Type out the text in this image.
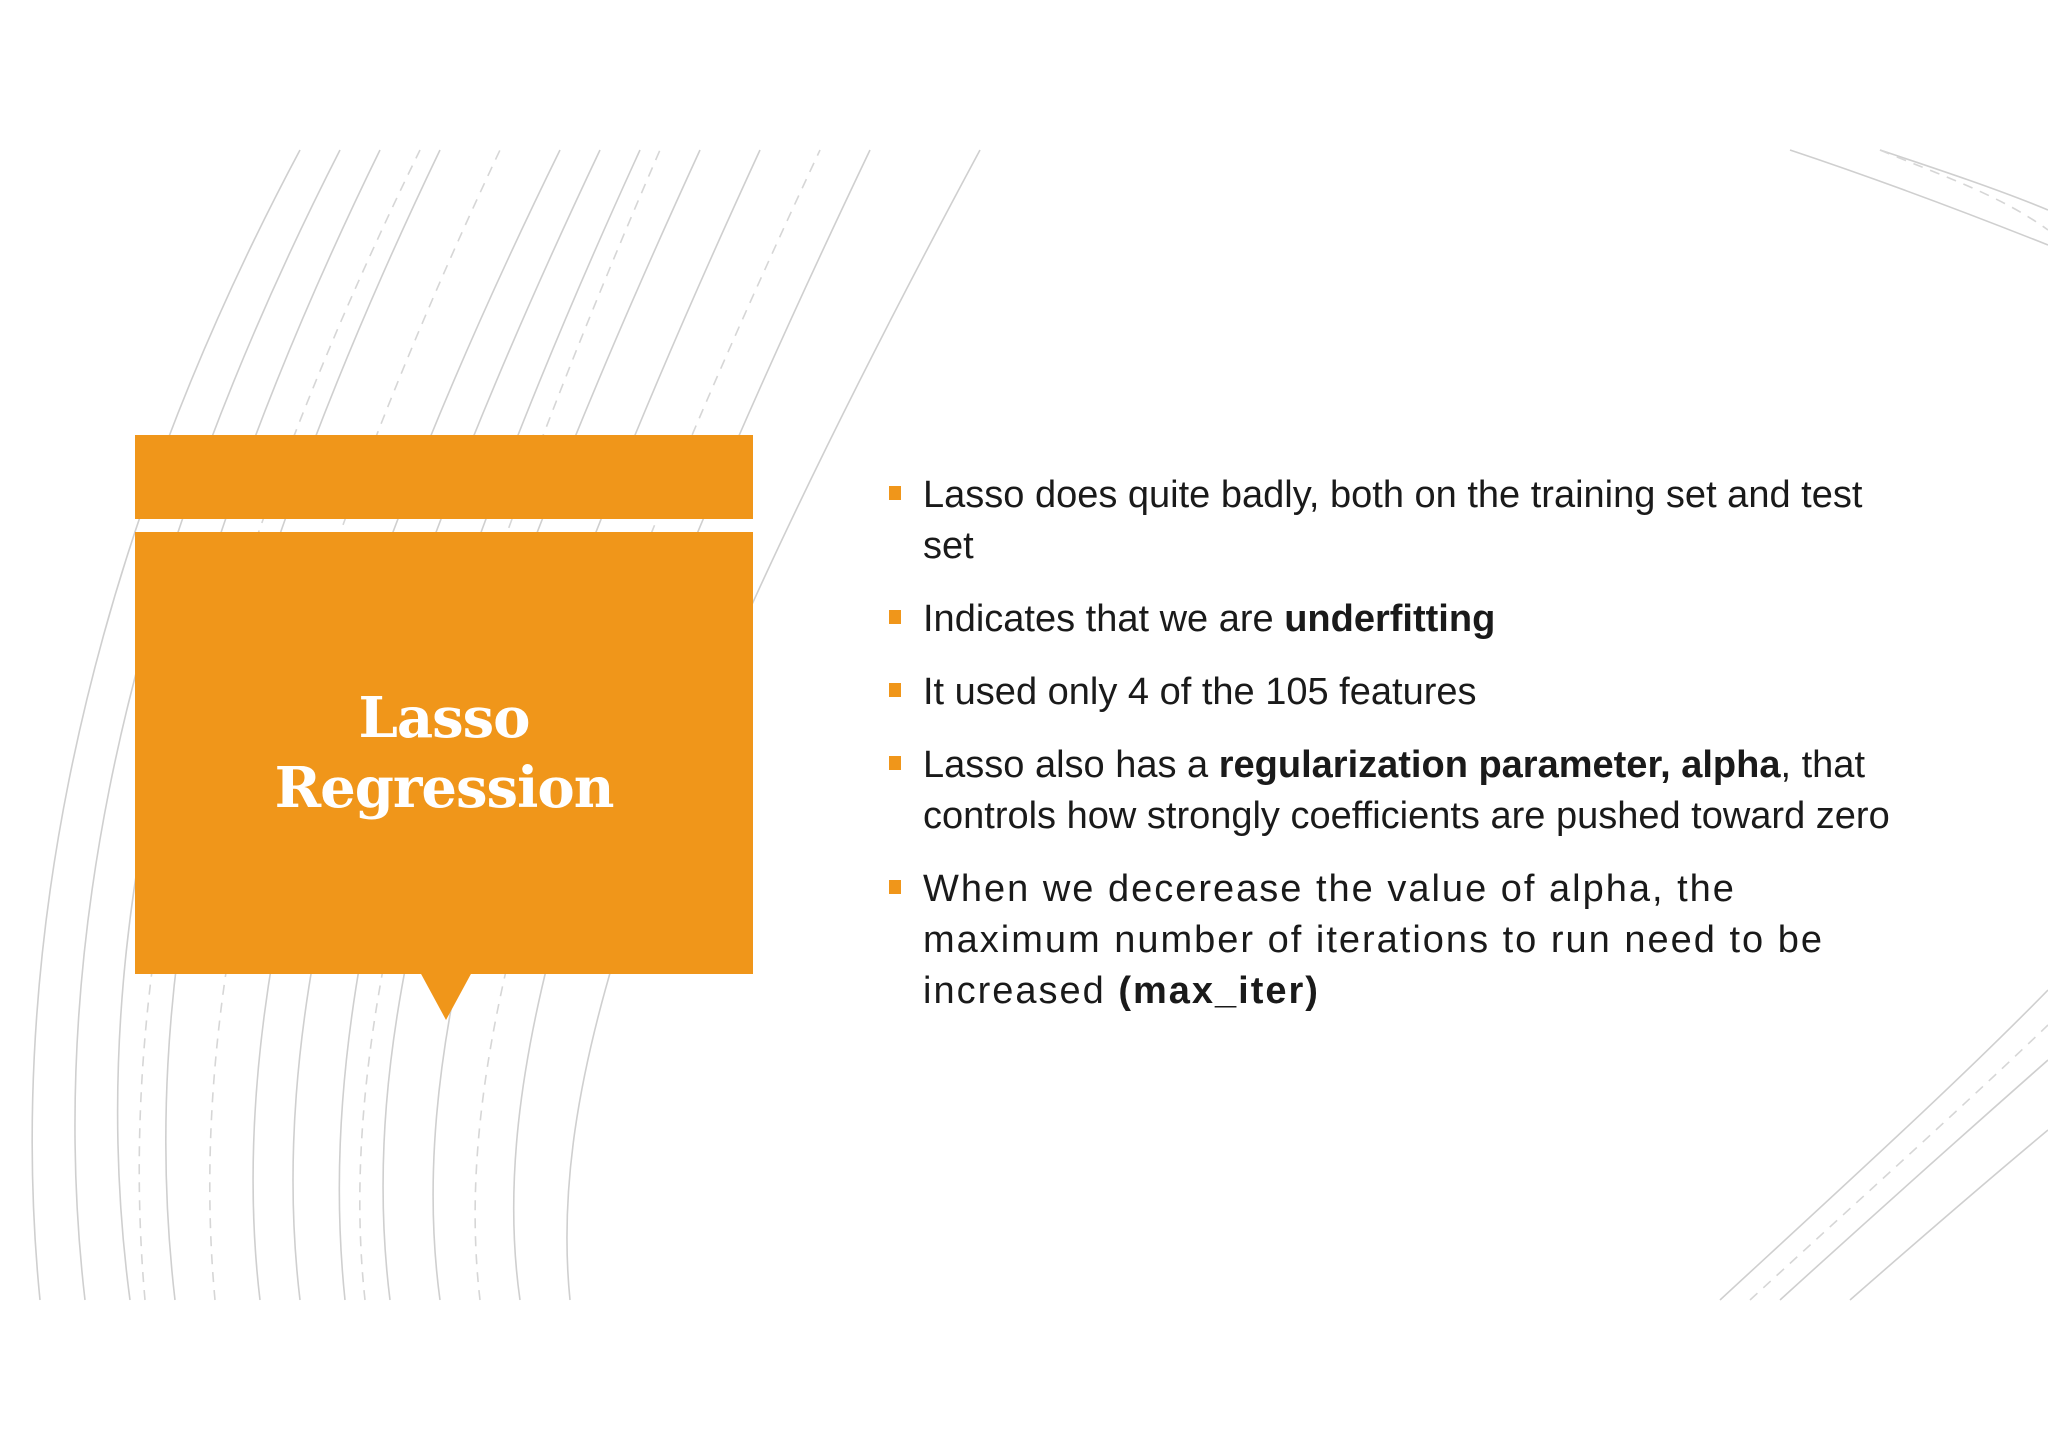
Lasso
Regression
Lasso does quite badly, both on the training set and test set
Indicates that we are underfitting
It used only 4 of the 105 features
Lasso also has a regularization parameter, alpha, that controls how strongly coefficients are pushed toward zero
When we decerease the value of alpha, the maximum number of iterations to run need to be increased (max_iter)
